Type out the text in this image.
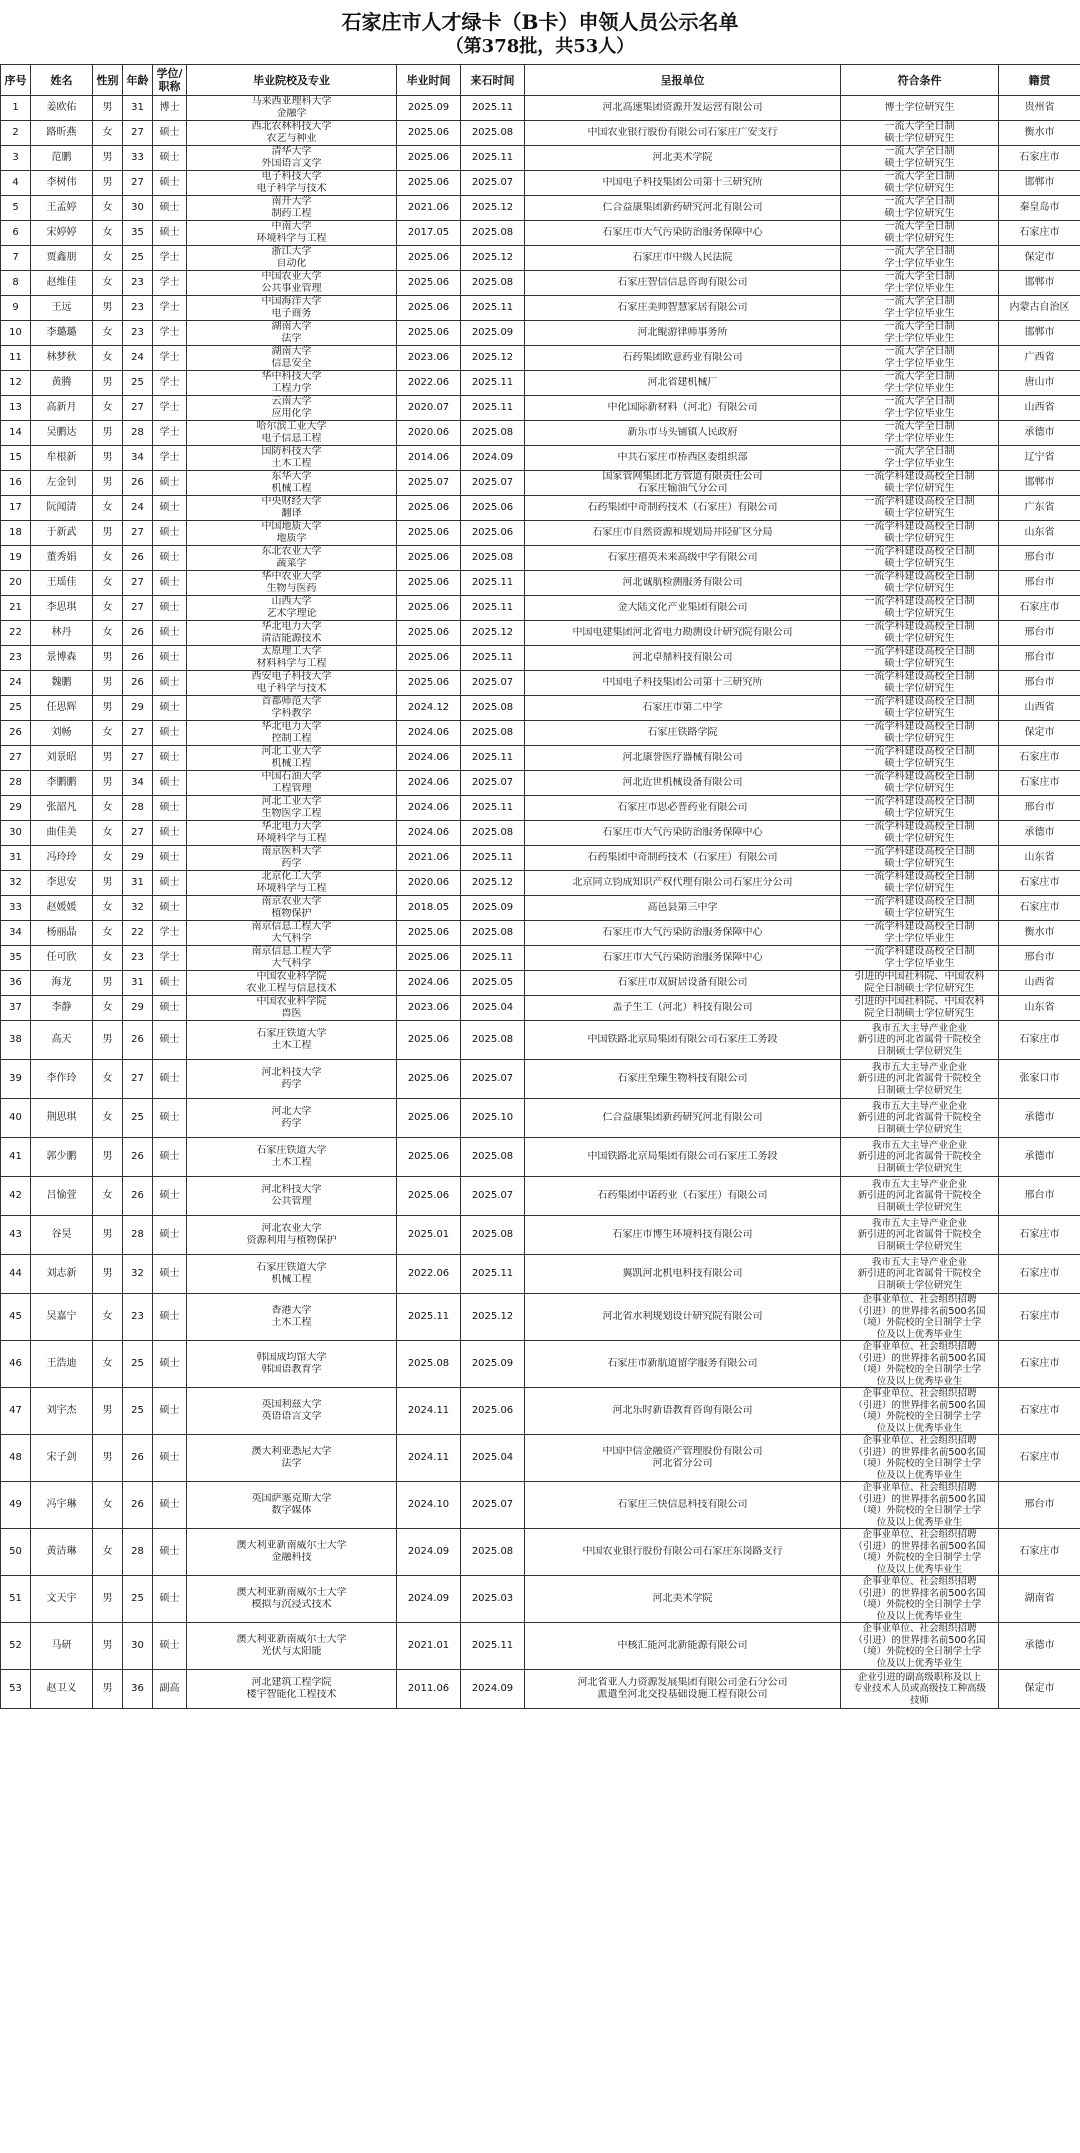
石家庄市人才绿卡（B卡）申领人员公示名单
（第378批，共53人）
序号	姓名	性别	年龄	学位/职称	毕业院校及专业	毕业时间	来石时间	呈报单位	符合条件	籍贯
1	姜欧佑	男	31	博士	马来西亚理科大学
金融学	2025.09	2025.11	河北高速集团资源开发运营有限公司	博士学位研究生	贵州省
2	路昕燕	女	27	硕士	西北农林科技大学
农艺与种业	2025.06	2025.08	中国农业银行股份有限公司石家庄广安支行	一流大学全日制
硕士学位研究生	衡水市
3	范鹏	男	33	硕士	清华大学
外国语言文学	2025.06	2025.11	河北美术学院	一流大学全日制
硕士学位研究生	石家庄市
4	李树伟	男	27	硕士	电子科技大学
电子科学与技术	2025.06	2025.07	中国电子科技集团公司第十三研究所	一流大学全日制
硕士学位研究生	邯郸市
5	王孟婷	女	30	硕士	南开大学
制药工程	2021.06	2025.12	仁合益康集团新药研究河北有限公司	一流大学全日制
硕士学位研究生	秦皇岛市
6	宋婷婷	女	35	硕士	中南大学
环境科学与工程	2017.05	2025.08	石家庄市大气污染防治服务保障中心	一流大学全日制
硕士学位研究生	石家庄市
7	贾鑫朋	女	25	学士	浙江大学
自动化	2025.06	2025.12	石家庄市中级人民法院	一流大学全日制
学士学位毕业生	保定市
8	赵维佳	女	23	学士	中国农业大学
公共事业管理	2025.06	2025.08	石家庄智信信息咨询有限公司	一流大学全日制
学士学位毕业生	邯郸市
9	王远	男	23	学士	中国海洋大学
电子商务	2025.06	2025.11	石家庄美帅智慧家居有限公司	一流大学全日制
学士学位毕业生	内蒙古自治区
10	李璐璐	女	23	学士	湖南大学
法学	2025.06	2025.09	河北鲲游律师事务所	一流大学全日制
学士学位毕业生	邯郸市
11	林梦秋	女	24	学士	湖南大学
信息安全	2023.06	2025.12	石药集团欧意药业有限公司	一流大学全日制
学士学位毕业生	广西省
12	黄腾	男	25	学士	华中科技大学
工程力学	2022.06	2025.11	河北省建机械厂	一流大学全日制
学士学位毕业生	唐山市
13	高新月	女	27	学士	云南大学
应用化学	2020.07	2025.11	中化国际新材料（河北）有限公司	一流大学全日制
学士学位毕业生	山西省
14	吴鹏达	男	28	学士	哈尔滨工业大学
电子信息工程	2020.06	2025.08	新乐市马头铺镇人民政府	一流大学全日制
学士学位毕业生	承德市
15	牟根新	男	34	学士	国防科技大学
土木工程	2014.06	2024.09	中共石家庄市桥西区委组织部	一流大学全日制
学士学位毕业生	辽宁省
16	左金钊	男	26	硕士	东华大学
机械工程	2025.07	2025.07	国家管网集团北方管道有限责任公司
石家庄输油气分公司	一流学科建设高校全日制
硕士学位研究生	邯郸市
17	阮闻清	女	24	硕士	中央财经大学
翻译	2025.06	2025.06	石药集团中奇制药技术（石家庄）有限公司	一流学科建设高校全日制
硕士学位研究生	广东省
18	于新武	男	27	硕士	中国地质大学
地质学	2025.06	2025.06	石家庄市自然资源和规划局井陉矿区分局	一流学科建设高校全日制
硕士学位研究生	山东省
19	董秀娟	女	26	硕士	东北农业大学
蔬菜学	2025.06	2025.08	石家庄禧英未来高级中学有限公司	一流学科建设高校全日制
硕士学位研究生	邢台市
20	王瑶佳	女	27	硕士	华中农业大学
生物与医药	2025.06	2025.11	河北诚航检测服务有限公司	一流学科建设高校全日制
硕士学位研究生	邢台市
21	李思琪	女	27	硕士	山西大学
艺术学理论	2025.06	2025.11	金大陆文化产业集团有限公司	一流学科建设高校全日制
硕士学位研究生	石家庄市
22	林丹	女	26	硕士	华北电力大学
清洁能源技术	2025.06	2025.12	中国电建集团河北省电力勘测设计研究院有限公司	一流学科建设高校全日制
硕士学位研究生	邢台市
23	景博森	男	26	硕士	太原理工大学
材料科学与工程	2025.06	2025.11	河北卓鼎科技有限公司	一流学科建设高校全日制
硕士学位研究生	邢台市
24	魏鹏	男	26	硕士	西安电子科技大学
电子科学与技术	2025.06	2025.07	中国电子科技集团公司第十三研究所	一流学科建设高校全日制
硕士学位研究生	邢台市
25	任思辉	男	29	硕士	首都师范大学
学科教学	2024.12	2025.08	石家庄市第二中学	一流学科建设高校全日制
硕士学位研究生	山西省
26	刘畅	女	27	硕士	华北电力大学
控制工程	2024.06	2025.08	石家庄铁路学院	一流学科建设高校全日制
硕士学位研究生	保定市
27	刘景昭	男	27	硕士	河北工业大学
机械工程	2024.06	2025.11	河北康誉医疗器械有限公司	一流学科建设高校全日制
硕士学位研究生	石家庄市
28	李鹏鹏	男	34	硕士	中国石油大学
工程管理	2024.06	2025.07	河北近世机械设备有限公司	一流学科建设高校全日制
硕士学位研究生	石家庄市
29	张韶凡	女	28	硕士	河北工业大学
生物医学工程	2024.06	2025.11	石家庄市思必普药业有限公司	一流学科建设高校全日制
硕士学位研究生	邢台市
30	曲佳美	女	27	硕士	华北电力大学
环境科学与工程	2024.06	2025.08	石家庄市大气污染防治服务保障中心	一流学科建设高校全日制
硕士学位研究生	承德市
31	冯玲玲	女	29	硕士	南京医科大学
药学	2021.06	2025.11	石药集团中奇制药技术（石家庄）有限公司	一流学科建设高校全日制
硕士学位研究生	山东省
32	李思安	男	31	硕士	北京化工大学
环境科学与工程	2020.06	2025.12	北京同立钧成知识产权代理有限公司石家庄分公司	一流学科建设高校全日制
硕士学位研究生	石家庄市
33	赵媛媛	女	32	硕士	南京农业大学
植物保护	2018.05	2025.09	高邑县第三中学	一流学科建设高校全日制
硕士学位研究生	石家庄市
34	杨丽晶	女	22	学士	南京信息工程大学
大气科学	2025.06	2025.08	石家庄市大气污染防治服务保障中心	一流学科建设高校全日制
学士学位毕业生	衡水市
35	任可欣	女	23	学士	南京信息工程大学
大气科学	2025.06	2025.11	石家庄市大气污染防治服务保障中心	一流学科建设高校全日制
学士学位毕业生	邢台市
36	海龙	男	31	硕士	中国农业科学院
农业工程与信息技术	2024.06	2025.05	石家庄市双厨居设备有限公司	引进的中国社科院、中国农科
院全日制硕士学位研究生	山西省
37	李静	女	29	硕士	中国农业科学院
兽医	2023.06	2025.04	盖子生工（河北）科技有限公司	引进的中国社科院、中国农科
院全日制硕士学位研究生	山东省
38	高天	男	26	硕士	石家庄铁道大学
土木工程	2025.06	2025.08	中国铁路北京局集团有限公司石家庄工务段	我市五大主导产业企业
新引进的河北省属骨干院校全
日制硕士学位研究生	石家庄市
39	李作玲	女	27	硕士	河北科技大学
药学	2025.06	2025.07	石家庄至臻生物科技有限公司	我市五大主导产业企业
新引进的河北省属骨干院校全
日制硕士学位研究生	张家口市
40	荆思琪	女	25	硕士	河北大学
药学	2025.06	2025.10	仁合益康集团新药研究河北有限公司	我市五大主导产业企业
新引进的河北省属骨干院校全
日制硕士学位研究生	承德市
41	郭少鹏	男	26	硕士	石家庄铁道大学
土木工程	2025.06	2025.08	中国铁路北京局集团有限公司石家庄工务段	我市五大主导产业企业
新引进的河北省属骨干院校全
日制硕士学位研究生	承德市
42	吕愉萱	女	26	硕士	河北科技大学
公共管理	2025.06	2025.07	石药集团中诺药业（石家庄）有限公司	我市五大主导产业企业
新引进的河北省属骨干院校全
日制硕士学位研究生	邢台市
43	谷昊	男	28	硕士	河北农业大学
资源利用与植物保护	2025.01	2025.08	石家庄市博生环境科技有限公司	我市五大主导产业企业
新引进的河北省属骨干院校全
日制硕士学位研究生	石家庄市
44	刘志新	男	32	硕士	石家庄铁道大学
机械工程	2022.06	2025.11	翼凯河北机电科技有限公司	我市五大主导产业企业
新引进的河北省属骨干院校全
日制硕士学位研究生	石家庄市
45	吴嘉宁	女	23	硕士	香港大学
土木工程	2025.11	2025.12	河北省水利规划设计研究院有限公司	企事业单位、社会组织招聘
（引进）的世界排名前500名国
（境）外院校的全日制学士学
位及以上优秀毕业生	石家庄市
46	王浩迪	女	25	硕士	韩国成均馆大学
韩国语教育学	2025.08	2025.09	石家庄市新航道留学服务有限公司	企事业单位、社会组织招聘
（引进）的世界排名前500名国
（境）外院校的全日制学士学
位及以上优秀毕业生	石家庄市
47	刘宇杰	男	25	硕士	英国利兹大学
英语语言文学	2024.11	2025.06	河北乐时新语教育咨询有限公司	企事业单位、社会组织招聘
（引进）的世界排名前500名国
（境）外院校的全日制学士学
位及以上优秀毕业生	石家庄市
48	宋子剑	男	26	硕士	澳大利亚悉尼大学
法学	2024.11	2025.04	中国中信金融资产管理股份有限公司
河北省分公司	企事业单位、社会组织招聘
（引进）的世界排名前500名国
（境）外院校的全日制学士学
位及以上优秀毕业生	石家庄市
49	冯宇琳	女	26	硕士	英国萨塞克斯大学
数字媒体	2024.10	2025.07	石家庄三快信息科技有限公司	企事业单位、社会组织招聘
（引进）的世界排名前500名国
（境）外院校的全日制学士学
位及以上优秀毕业生	邢台市
50	黄洁琳	女	28	硕士	澳大利亚新南威尔士大学
金融科技	2024.09	2025.08	中国农业银行股份有限公司石家庄东岗路支行	企事业单位、社会组织招聘
（引进）的世界排名前500名国
（境）外院校的全日制学士学
位及以上优秀毕业生	石家庄市
51	文天宇	男	25	硕士	澳大利亚新南威尔士大学
模拟与沉浸式技术	2024.09	2025.03	河北美术学院	企事业单位、社会组织招聘
（引进）的世界排名前500名国
（境）外院校的全日制学士学
位及以上优秀毕业生	湖南省
52	马研	男	30	硕士	澳大利亚新南威尔士大学
光伏与太阳能	2021.01	2025.11	中核汇能河北新能源有限公司	企事业单位、社会组织招聘
（引进）的世界排名前500名国
（境）外院校的全日制学士学
位及以上优秀毕业生	承德市
53	赵卫义	男	36	副高	河北建筑工程学院
楼宇智能化工程技术	2011.06	2024.09	河北省亚人力资源发展集团有限公司金石分公司
派遣至河北交投基础设施工程有限公司	企业引进的副高级职称及以上
专业技术人员或高级技工种高级
技师	保定市
